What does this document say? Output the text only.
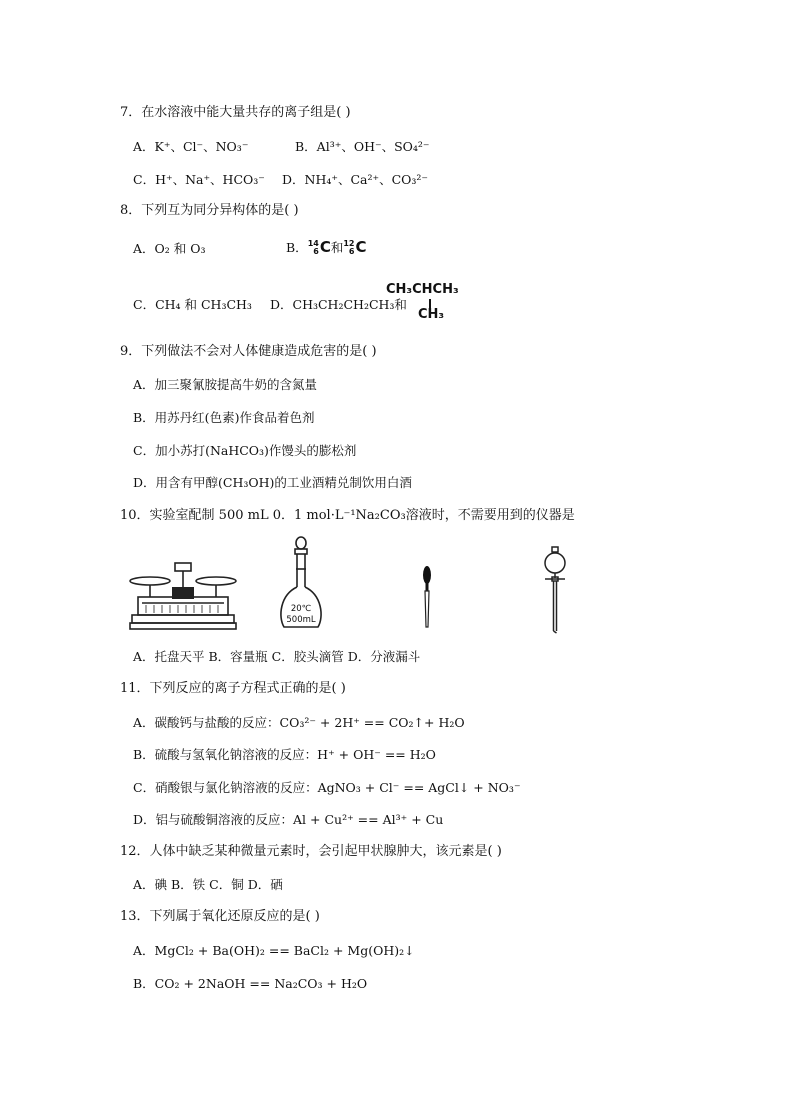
7．在水溶液中能大量共存的离子组是( )
A．K⁺、Cl⁻、NO₃⁻	B．Al³⁺、OH⁻、SO₄²⁻
C．H⁺、Na⁺、HCO₃⁻ D．NH₄⁺、Ca²⁺、CO₃²⁻
8．下列互为同分异构体的是( )
A．O₂ 和 O₃	B．14
6C和12
6C
C．CH₄ 和 CH₃CH₃ D．CH₃CH₂CH₂CH₃和
CH₃CHCH₃
CH₃
9．下列做法不会对人体健康造成危害的是( )
A．加三聚氰胺提高牛奶的含氮量
B．用苏丹红(色素)作食品着色剂
C．加小苏打(NaHCO₃)作馒头的膨松剂
D．用含有甲醇(CH₃OH)的工业酒精兑制饮用白酒
10．实验室配制 500 mL 0．1 mol·L⁻¹Na₂CO₃溶液时，不需要用到的仪器是
20℃
500mL
A．托盘天平 B．容量瓶 C．胶头滴管 D．分液漏斗
11．下列反应的离子方程式正确的是( )
A．碳酸钙与盐酸的反应：CO₃²⁻ + 2H⁺ == CO₂↑+ H₂O
B．硫酸与氢氧化钠溶液的反应：H⁺ + OH⁻ == H₂O
C．硝酸银与氯化钠溶液的反应：AgNO₃ + Cl⁻ == AgCl↓ + NO₃⁻
D．铝与硫酸铜溶液的反应：Al + Cu²⁺ == Al³⁺ + Cu
12．人体中缺乏某种微量元素时，会引起甲状腺肿大，该元素是( )
A．碘 B．铁 C．铜 D．硒
13．下列属于氧化还原反应的是( )
A．MgCl₂ + Ba(OH)₂ == BaCl₂ + Mg(OH)₂↓
B．CO₂ + 2NaOH == Na₂CO₃ + H₂O
